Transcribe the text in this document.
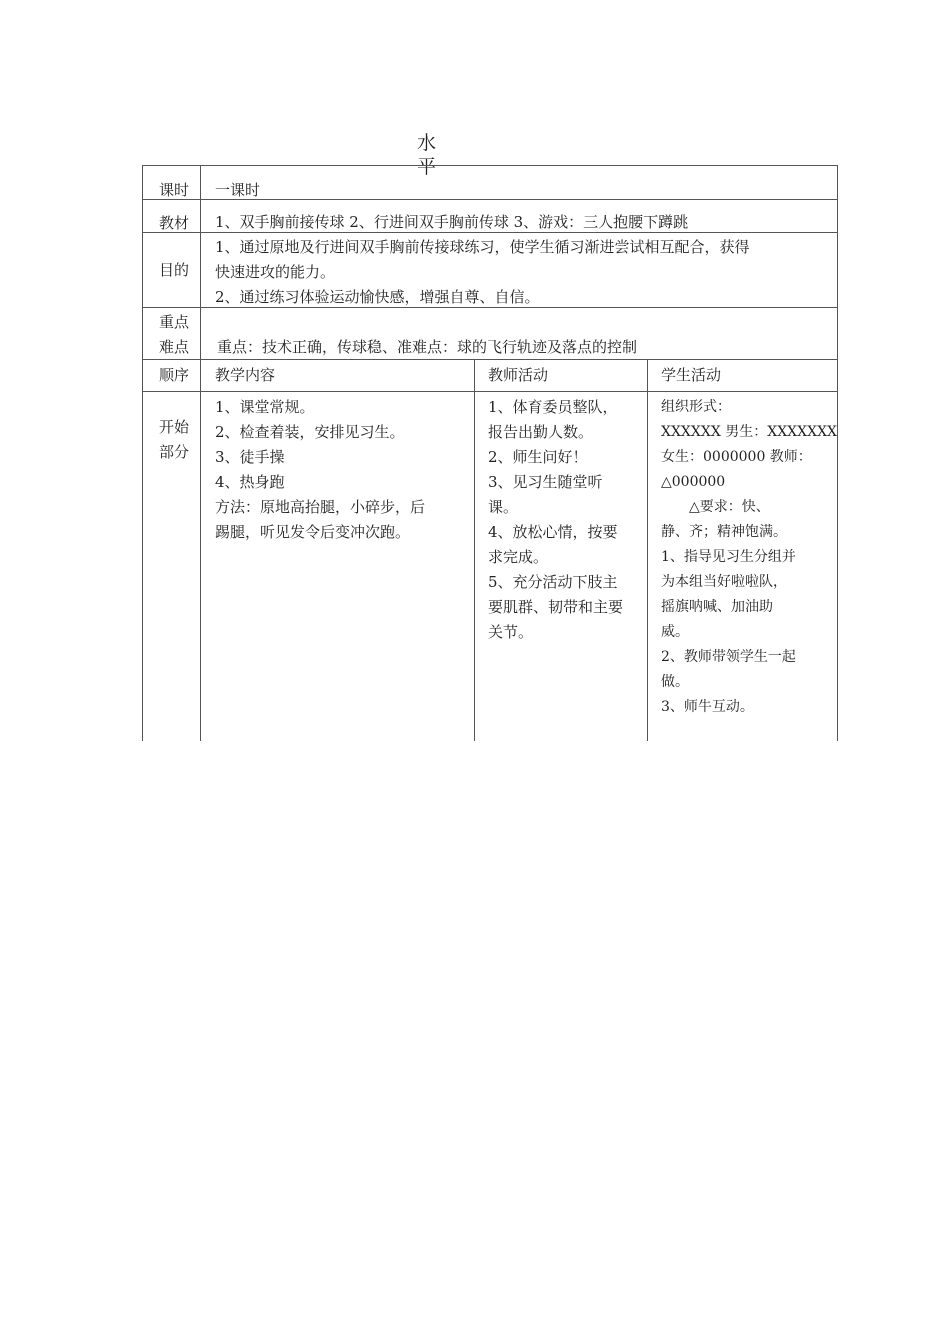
水平
课时 一课时
教材 1、双手胸前接传球 2、行进间双手胸前传球 3、游戏：三人抱腰下蹲跳
目的
1、通过原地及行进间双手胸前传接球练习，使学生循习渐进尝试相互配合，获得
快速进攻的能力。
2、通过练习体验运动愉快感，增强自尊、自信。
重点
难点 重点：技术正确，传球稳、准难点：球的飞行轨迹及落点的控制
顺序 教学内容	教师活动	学生活动
开始
部分
1、课堂常规。
2、检查着装，安排见习生。
3、徒手操
4、热身跑
方法：原地高抬腿，小碎步，后
踢腿，听见发令后变冲次跑。
1、体育委员整队，
报告出勤人数。
2、师生问好！
3、见习生随堂听
课。
4、放松心情，按要
求完成。
5、充分活动下肢主
要肌群、韧带和主要
关节。
组织形式：
XXXXXX 男生：XXXXXXX
女生：0000000 教师：
△000000
　　△要求：快、
静、齐；精神饱满。
1、指导见习生分组并
为本组当好啦啦队，
摇旗呐喊、加油助
威。
2、教师带领学生一起
做。
3、师牛互动。
